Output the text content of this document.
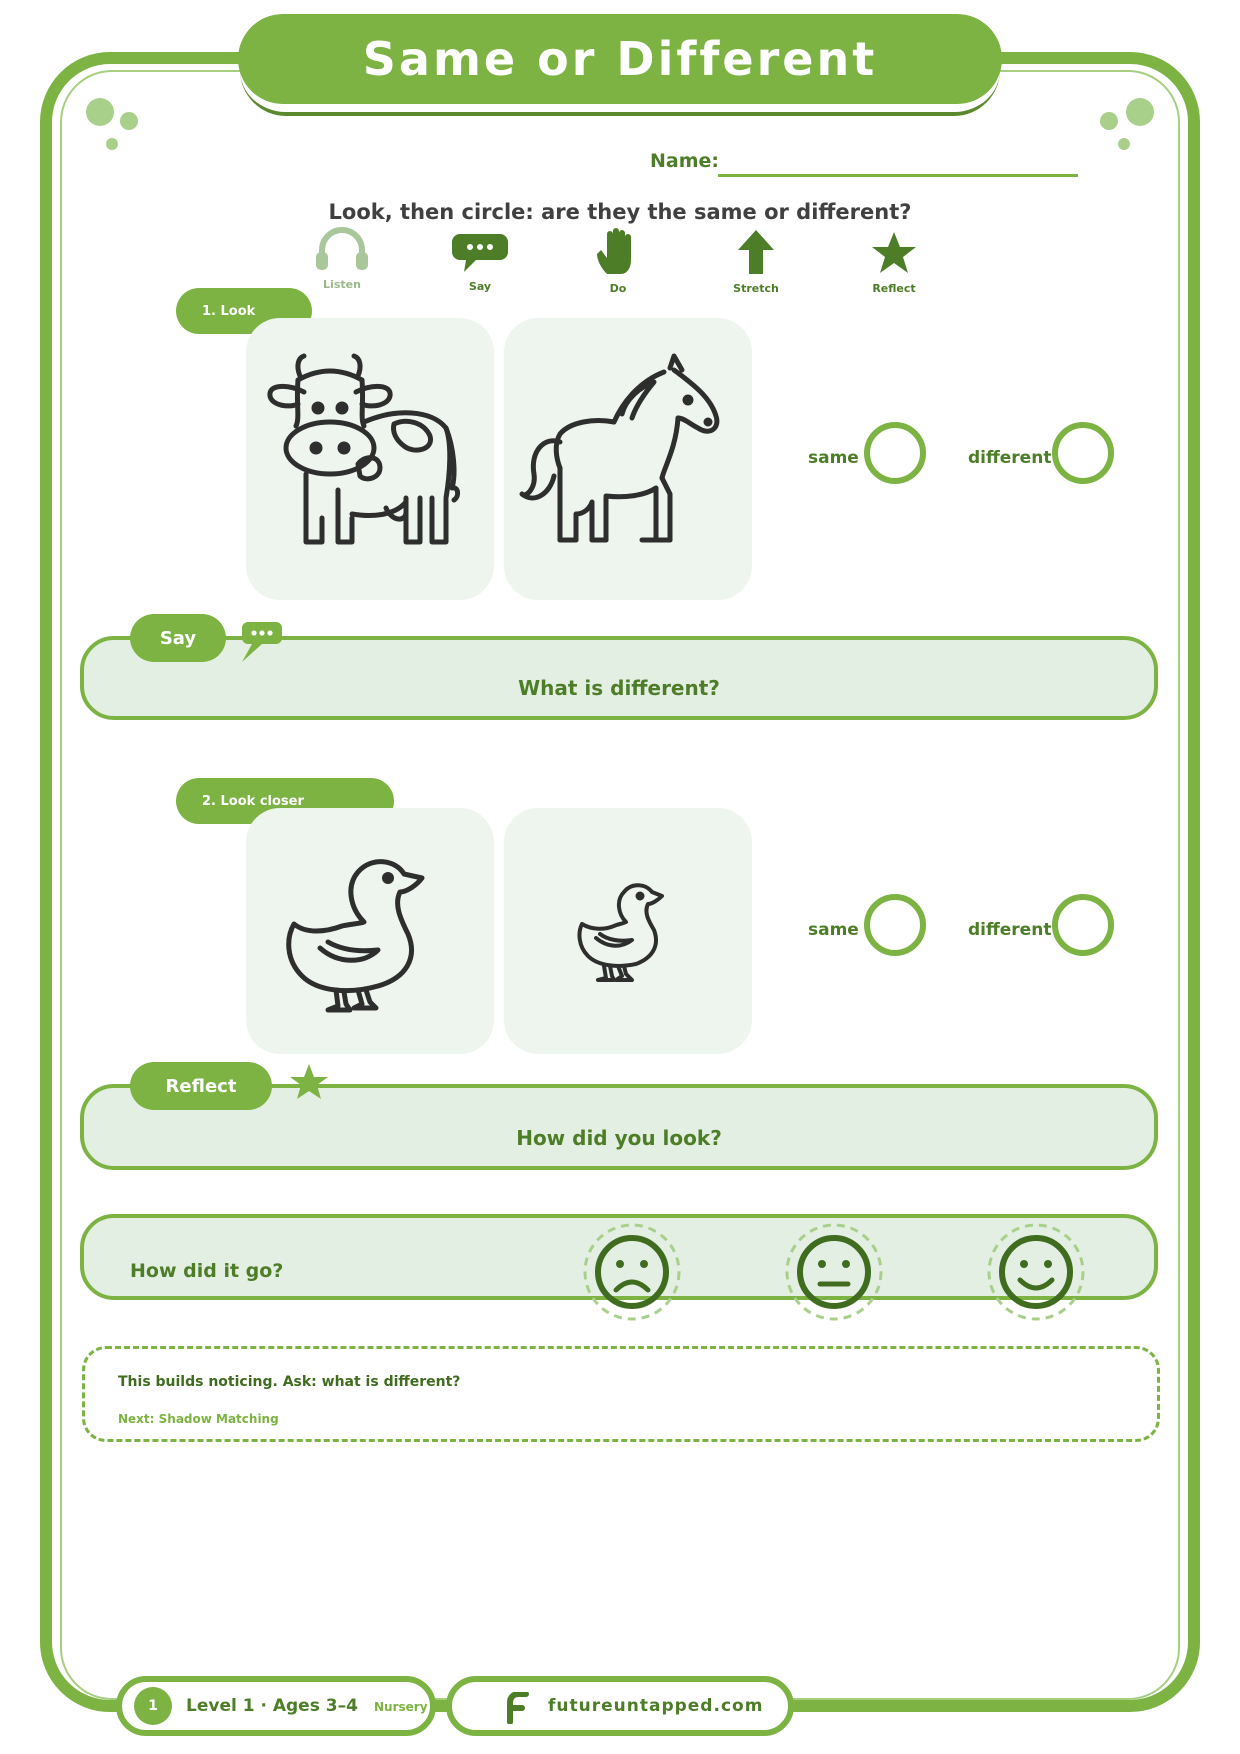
Same or Different
Name:
Look, then circle: are they the same or different?
Listen	Say	Do	Stretch	Reflect
1. Look
same	different
What is different?
Say
2. Look closer
same	different
How did you look?
Reflect
How did it go?
This builds noticing. Ask: what is different?
Next: Shadow Matching
1	Level 1 · Ages 3–4 Nursery	futureuntapped.com
